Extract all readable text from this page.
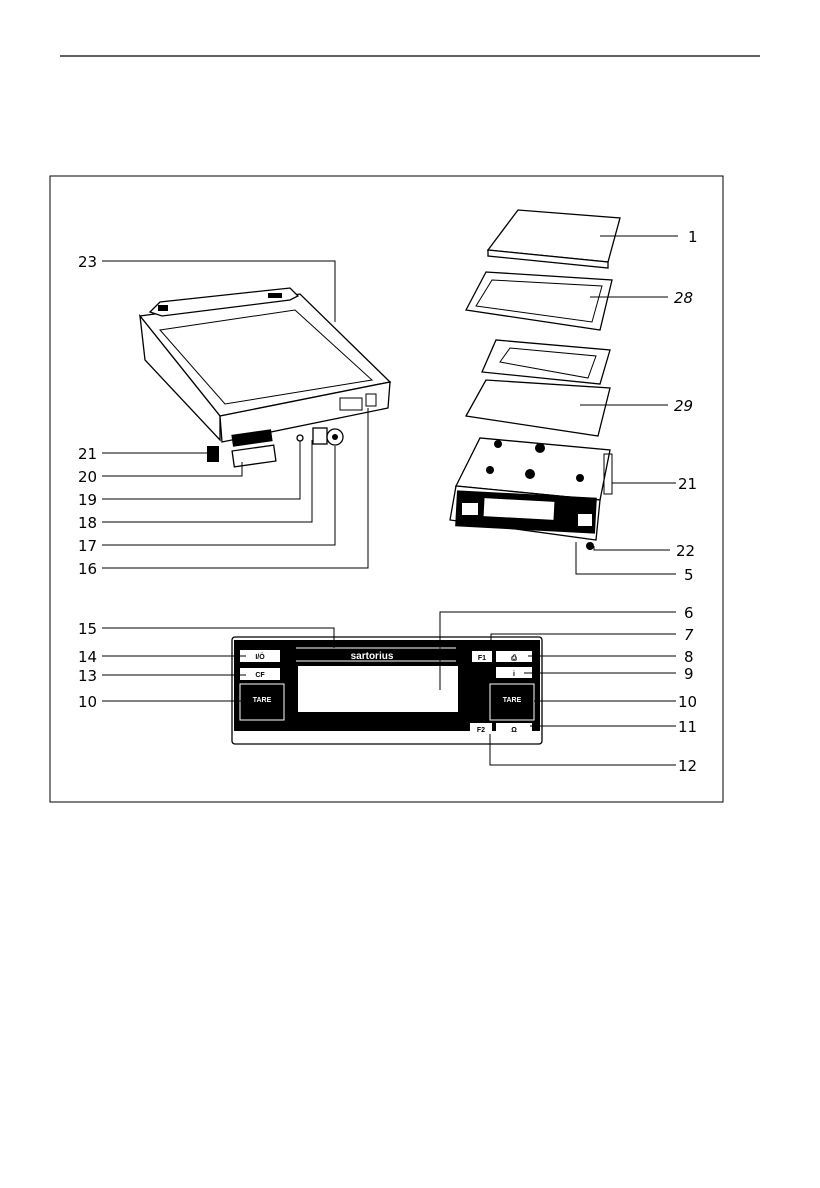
sartorius
I/Ö
CF
TARE
F1	⎙
i
TARE
F2	Ω
1
28
29
21
22
5
23
21
20
19
18
17
16
15
14
13
10
6
7
8
9
10
11
12
